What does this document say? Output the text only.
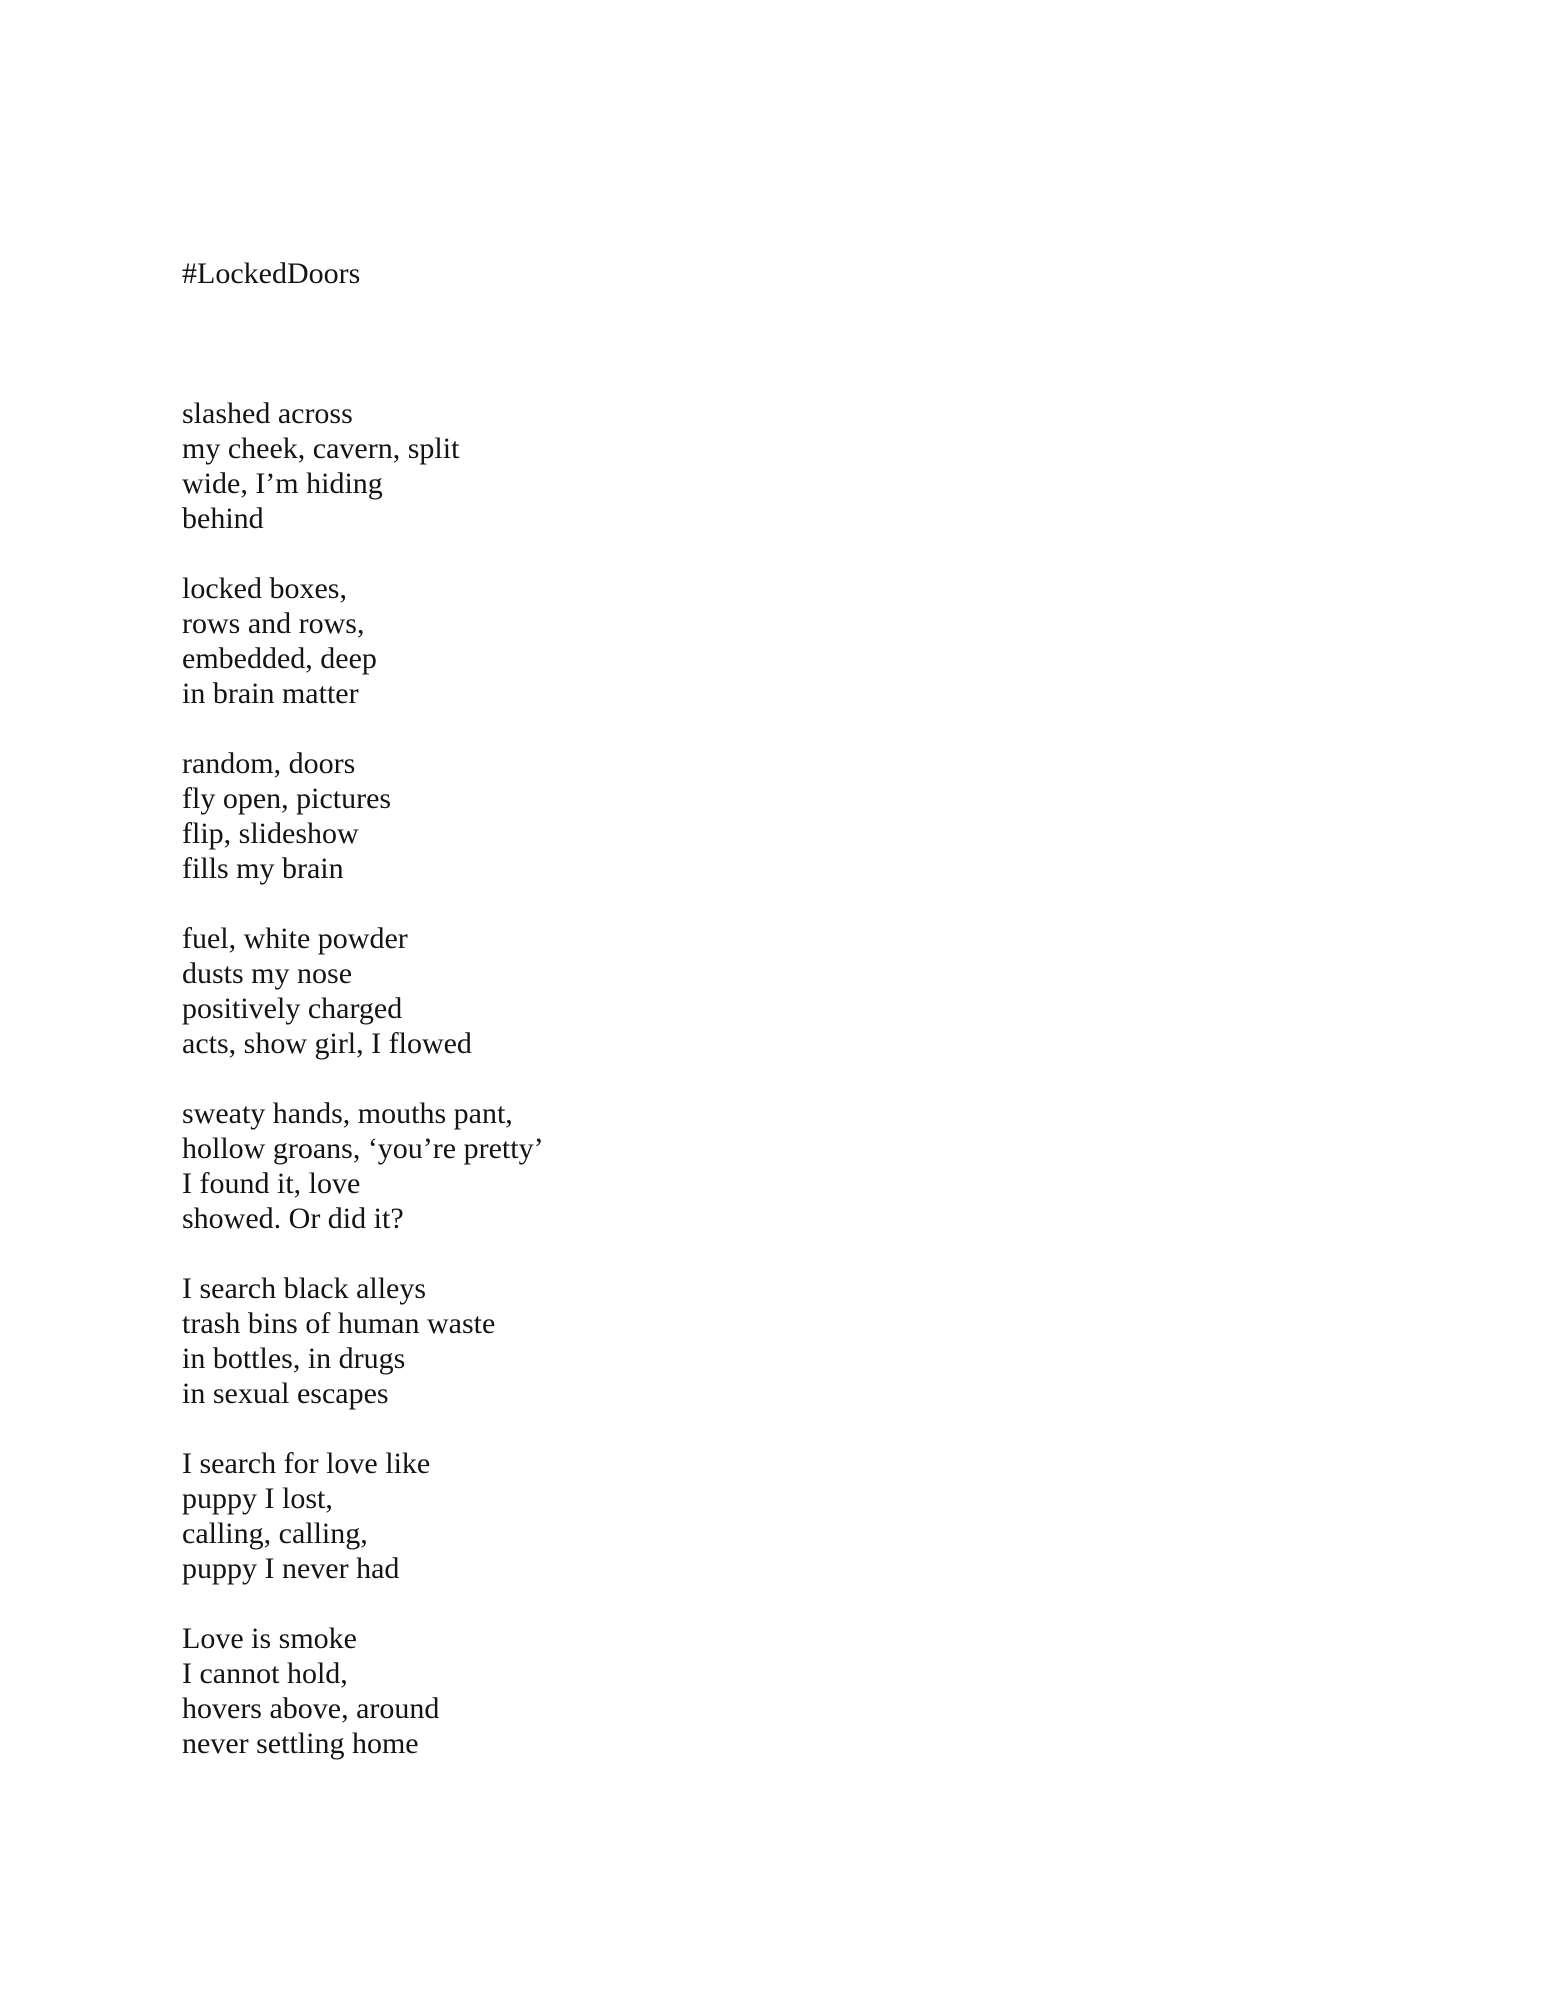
#LockedDoors

slashed across
my cheek, cavern, split
wide, I’m hiding
behind
locked boxes,
rows and rows,
embedded, deep
in brain matter
random, doors
fly open, pictures
flip, slideshow
fills my brain
fuel, white powder
dusts my nose
positively charged
acts, show girl, I flowed
sweaty hands, mouths pant,
hollow groans, ‘you’re pretty’
I found it, love
showed. Or did it?
I search black alleys
trash bins of human waste
in bottles, in drugs
in sexual escapes
I search for love like
puppy I lost,
calling, calling,
puppy I never had
Love is smoke
I cannot hold,
hovers above, around
never settling home
